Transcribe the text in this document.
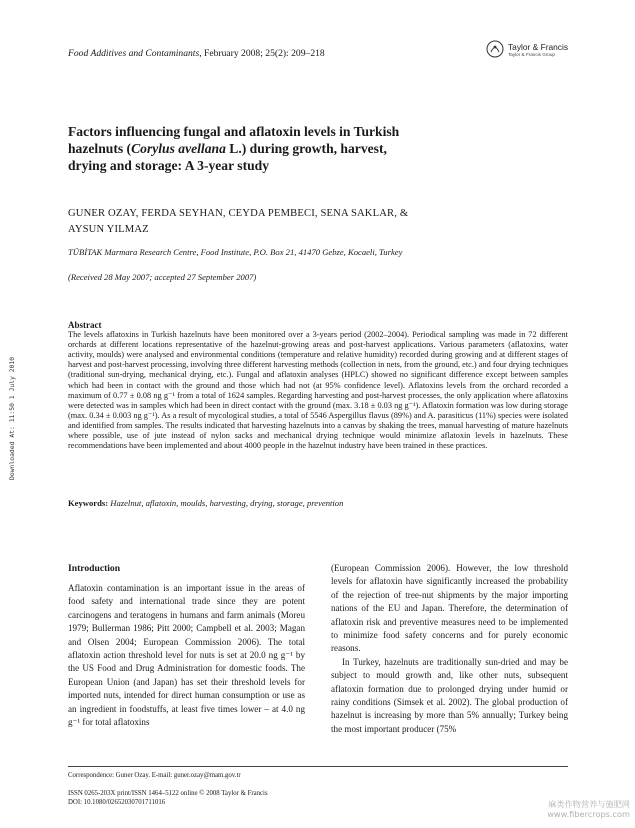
Food Additives and Contaminants, February 2008; 25(2): 209–218
Taylor & Francis
Taylor & Francis Group
Downloaded At: 11:50 1 July 2010
Factors influencing fungal and aflatoxin levels in Turkish
hazelnuts (Corylus avellana L.) during growth, harvest,
drying and storage: A 3-year study
GUNER OZAY, FERDA SEYHAN, CEYDA PEMBECI, SENA SAKLAR, &
AYSUN YILMAZ
TÜBİTAK Marmara Research Centre, Food Institute, P.O. Box 21, 41470 Gebze, Kocaeli, Turkey
(Received 28 May 2007; accepted 27 September 2007)
Abstract

The levels aflatoxins in Turkish hazelnuts have been monitored over a 3-years period (2002–2004). Periodical sampling was made in 72 different orchards at different locations representative of the hazelnut-growing areas and post-harvest applications. Various parameters (aflatoxins, water activity, moulds) were analysed and environmental conditions (temperature and relative humidity) recorded during growing and at different stages of harvest and post-harvest processing, involving three different harvesting methods (collection in nets, from the ground, etc.) and four drying techniques (traditional sun-drying, mechanical drying, etc.). Fungal and aflatoxin analyses (HPLC) showed no significant difference except between samples which had been in contact with the ground and those which had not (at 95% confidence level). Aflatoxins levels from the orchard recorded a maximum of 0.77 ± 0.08 ng g⁻¹ from a total of 1624 samples. Regarding harvesting and post-harvest processes, the only application where aflatoxins were detected was in samples which had been in direct contact with the ground (max. 3.18 ± 0.03 ng g⁻¹). Aflatoxin formation was low during storage (max. 0.34 ± 0.003 ng g⁻¹). As a result of mycological studies, a total of 5546 Aspergillus flavus (89%) and A. parasiticus (11%) species were isolated and identified from samples. The results indicated that harvesting hazelnuts into a canvas by shaking the trees, manual harvesting of mature hazelnuts where possible, use of jute instead of nylon sacks and mechanical drying technique would minimize aflatoxin levels in hazelnuts. These recommendations have been implemented and about 4000 people in the hazelnut industry have been trained in these practices.

Keywords: Hazelnut, aflatoxin, moulds, harvesting, drying, storage, prevention
Introduction

Aflatoxin contamination is an important issue in the areas of food safety and international trade since they are potent carcinogens and teratogens in humans and farm animals (Moreu 1979; Bullerman 1986; Pitt 2000; Campbell et al. 2003; Magan and Olsen 2004; European Commission 2006). The total aflatoxin action threshold level for nuts is set at 20.0 ng g⁻¹ by the US Food and Drug Administration for domestic foods. The European Union (and Japan) has set their threshold levels for imported nuts, intended for direct human consumption or use as an ingredient in foodstuffs, at least five times lower – at 4.0 ng g⁻¹ for total aflatoxins

(European Commission 2006). However, the low threshold levels for aflatoxin have significantly increased the probability of the rejection of tree-nut shipments by the major importing nations of the EU and Japan. Therefore, the determination of aflatoxin risk and preventive measures need to be implemented to minimize food safety concerns and for purely economic reasons.

In Turkey, hazelnuts are traditionally sun-dried and may be subject to mould growth and, like other nuts, subsequent aflatoxin formation due to prolonged drying under humid or rainy conditions (Simsek et al. 2002). The global production of hazelnut is increasing by more than 5% annually; Turkey being the most important producer (75%

Correspondence: Guner Ozay. E-mail: guner.ozay@mam.gov.tr
ISSN 0265-203X print/ISSN 1464–5122 online © 2008 Taylor & Francis
DOI: 10.1080/02652030701711016	麻类作物营养与施肥网
www.fibercrops.com
